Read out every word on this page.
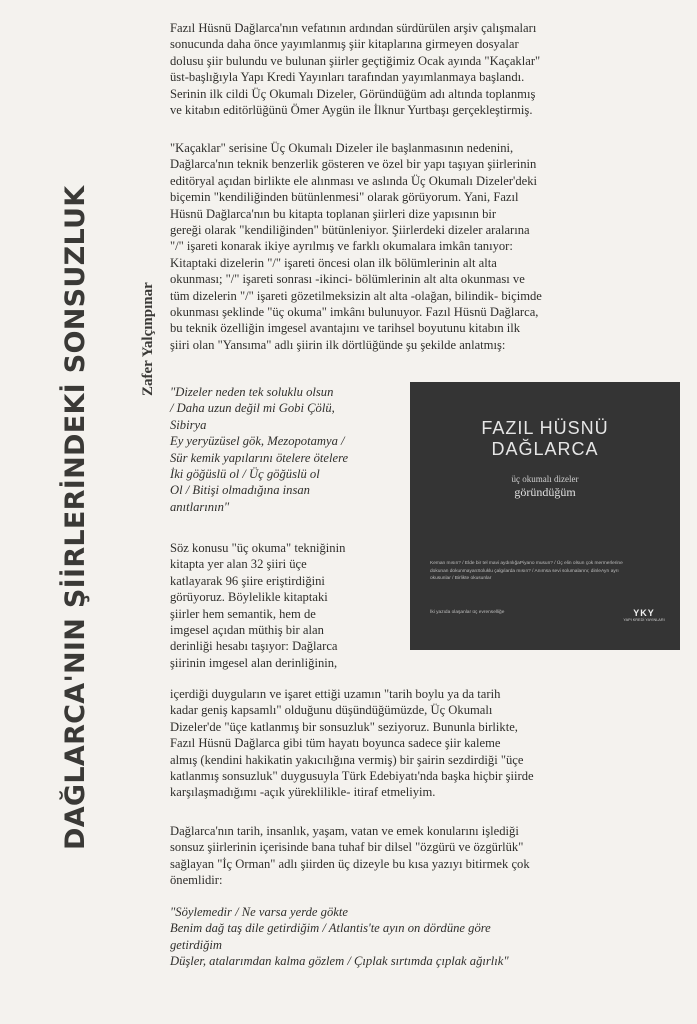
DAĞLARCA'NIN ŞİİRLERİNDEKİ SONSUZLUK	Zafer Yalçınpınar
Fazıl Hüsnü Dağlarca'nın vefatının ardından sürdürülen arşiv çalışmaları
sonucunda daha önce yayımlanmış şiir kitaplarına girmeyen dosyalar
dolusu şiir bulundu ve bulunan şiirler geçtiğimiz Ocak ayında "Kaçaklar"
üst-başlığıyla Yapı Kredi Yayınları tarafından yayımlanmaya başlandı.
Serinin ilk cildi Üç Okumalı Dizeler, Göründüğüm adı altında toplanmış
ve kitabın editörlüğünü Ömer Aygün ile İlknur Yurtbaşı gerçekleştirmiş.
"Kaçaklar" serisine Üç Okumalı Dizeler ile başlanmasının nedenini,
Dağlarca'nın teknik benzerlik gösteren ve özel bir yapı taşıyan şiirlerinin
editöryal açıdan birlikte ele alınması ve aslında Üç Okumalı Dizeler'deki
biçemin "kendiliğinden bütünlenmesi" olarak görüyorum. Yani, Fazıl
Hüsnü Dağlarca'nın bu kitapta toplanan şiirleri dize yapısının bir
gereği olarak "kendiliğinden" bütünleniyor. Şiirlerdeki dizeler aralarına
"/" işareti konarak ikiye ayrılmış ve farklı okumalara imkân tanıyor:
Kitaptaki dizelerin "/" işareti öncesi olan ilk bölümlerinin alt alta
okunması; "/" işareti sonrası -ikinci- bölümlerinin alt alta okunması ve
tüm dizelerin "/" işareti gözetilmeksizin alt alta -olağan, bilindik- biçimde
okunması şeklinde "üç okuma" imkânı bulunuyor. Fazıl Hüsnü Dağlarca,
bu teknik özelliğin imgesel avantajını ve tarihsel boyutunu kitabın ilk
şiiri olan "Yansıma" adlı şiirin ilk dörtlüğünde şu şekilde anlatmış:
"Dizeler neden tek soluklu olsun
/ Daha uzun değil mi Gobi Çölü,
Sibirya
Ey yeryüzüsel gök, Mezopotamya /
Sür kemik yapılarını ötelere ötelere
İki göğüslü ol / Üç göğüslü ol
Ol / Bitişi olmadığına insan
anıtlarının"
Söz konusu "üç okuma" tekniğinin
kitapta yer alan 32 şiiri üçe
katlayarak 96 şiire eriştirdiğini
görüyoruz. Böylelikle kitaptaki
şiirler hem semantik, hem de
imgesel açıdan müthiş bir alan
derinliği hesabı taşıyor: Dağlarca
şiirinin imgesel alan derinliğinin,
içerdiği duyguların ve işaret ettiği uzamın "tarih boylu ya da tarih
kadar geniş kapsamlı" olduğunu düşündüğümüzde, Üç Okumalı
Dizeler'de "üçe katlanmış bir sonsuzluk" seziyoruz. Bununla birlikte,
Fazıl Hüsnü Dağlarca gibi tüm hayatı boyunca sadece şiir kaleme
almış (kendini hakikatin yakıcılığına vermiş) bir şairin sezdirdiği "üçe
katlanmış sonsuzluk" duygusuyla Türk Edebiyatı'nda başka hiçbir şiirde
karşılaşmadığımı -açık yüreklilikle- itiraf etmeliyim.
Dağlarca'nın tarih, insanlık, yaşam, vatan ve emek konularını işlediği
sonsuz şiirlerinin içerisinde bana tuhaf bir dilsel "özgürü ve özgürlük"
sağlayan "İç Orman" adlı şiirden üç dizeyle bu kısa yazıyı bitirmek çok
önemlidir:
"Söylemedir / Ne varsa yerde gökte
Benim dağ taş dile getirdiğim / Atlantis'te ayın on dördüne göre
getirdiğim
Düşler, atalarımdan kalma gözlem / Çıplak sırtımda çıplak ağırlık"
FAZIL HÜSNÜ
DAĞLARCA
üç okumalı dizeler
göründüğüm
Keman mısın? / Elde bir tel mavi aydınlığaPiyano musun? / Üç elin olsun çok mermerlerine dokunan dokunmayanSoluklu çalgılarda mısın? / Anımsa sevi solumalarını; dinleAyrı ayrı okusunlar / Birlikte okusunlar
İki yazıda olaşanlar üç evrenselliğe	YKY
YAPI KREDİ YAYINLARI
